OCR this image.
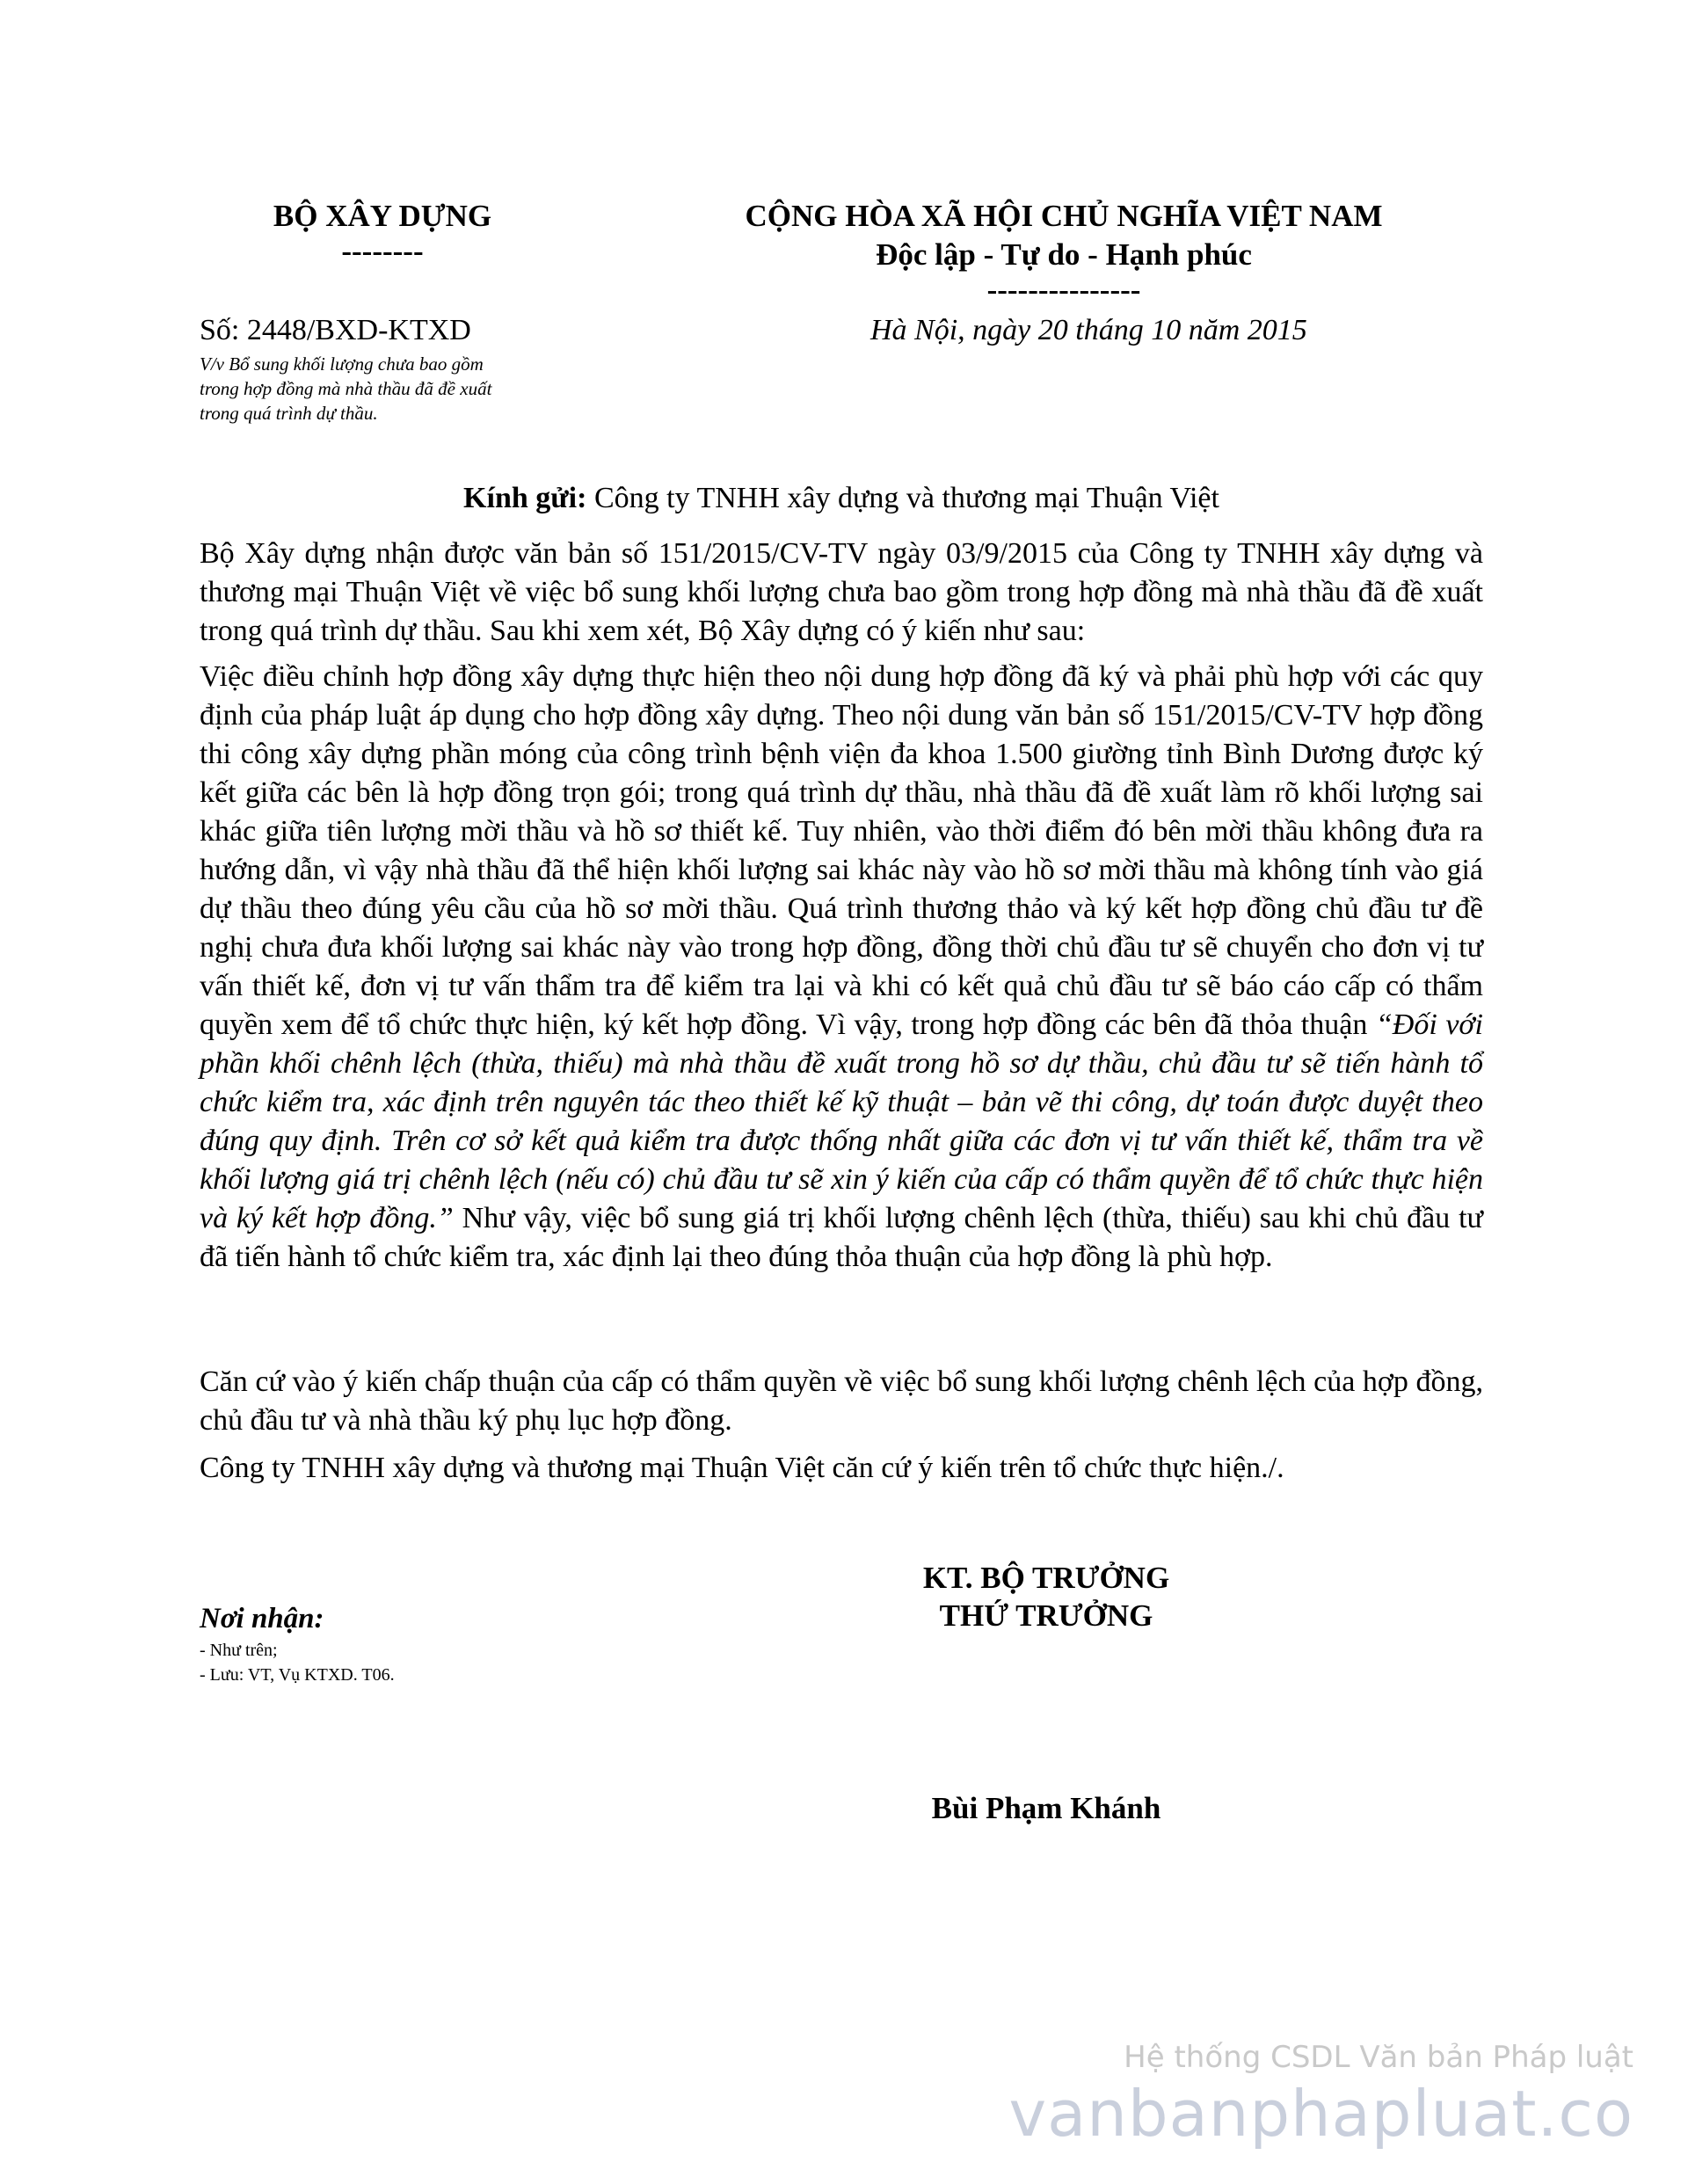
BỘ XÂY DỰNG
--------
CỘNG HÒA XÃ HỘI CHỦ NGHĨA VIỆT NAM
Độc lập - Tự do - Hạnh phúc
---------------
Số: 2448/BXD-KTXD	Hà Nội, ngày 20 tháng 10 năm 2015
V/v Bổ sung khối lượng chưa bao gồm
trong hợp đồng mà nhà thầu đã đề xuất
trong quá trình dự thầu.
Kính gửi: Công ty TNHH xây dựng và thương mại Thuận Việt
Bộ Xây dựng nhận được văn bản số 151/2015/CV-TV ngày 03/9/2015 của Công ty TNHH xây dựng và thương mại Thuận Việt về việc bổ sung khối lượng chưa bao gồm trong hợp đồng mà nhà thầu đã đề xuất trong quá trình dự thầu. Sau khi xem xét, Bộ Xây dựng có ý kiến như sau:
Việc điều chỉnh hợp đồng xây dựng thực hiện theo nội dung hợp đồng đã ký và phải phù hợp với các quy định của pháp luật áp dụng cho hợp đồng xây dựng. Theo nội dung văn bản số 151/2015/CV-TV hợp đồng thi công xây dựng phần móng của công trình bệnh viện đa khoa 1.500 giường tỉnh Bình Dương được ký kết giữa các bên là hợp đồng trọn gói; trong quá trình dự thầu, nhà thầu đã đề xuất làm rõ khối lượng sai khác giữa tiên lượng mời thầu và hồ sơ thiết kế. Tuy nhiên, vào thời điểm đó bên mời thầu không đưa ra hướng dẫn, vì vậy nhà thầu đã thể hiện khối lượng sai khác này vào hồ sơ mời thầu mà không tính vào giá dự thầu theo đúng yêu cầu của hồ sơ mời thầu. Quá trình thương thảo và ký kết hợp đồng chủ đầu tư đề nghị chưa đưa khối lượng sai khác này vào trong hợp đồng, đồng thời chủ đầu tư sẽ chuyển cho đơn vị tư vấn thiết kế, đơn vị tư vấn thẩm tra để kiểm tra lại và khi có kết quả chủ đầu tư sẽ báo cáo cấp có thẩm quyền xem để tổ chức thực hiện, ký kết hợp đồng. Vì vậy, trong hợp đồng các bên đã thỏa thuận “Đối với phần khối chênh lệch (thừa, thiếu) mà nhà thầu đề xuất trong hồ sơ dự thầu, chủ đầu tư sẽ tiến hành tổ chức kiểm tra, xác định trên nguyên tác theo thiết kế kỹ thuật – bản vẽ thi công, dự toán được duyệt theo đúng quy định. Trên cơ sở kết quả kiểm tra được thống nhất giữa các đơn vị tư vấn thiết kế, thẩm tra về khối lượng giá trị chênh lệch (nếu có) chủ đầu tư sẽ xin ý kiến của cấp có thẩm quyền để tổ chức thực hiện và ký kết hợp đồng.” Như vậy, việc bổ sung giá trị khối lượng chênh lệch (thừa, thiếu) sau khi chủ đầu tư đã tiến hành tổ chức kiểm tra, xác định lại theo đúng thỏa thuận của hợp đồng là phù hợp.
Căn cứ vào ý kiến chấp thuận của cấp có thẩm quyền về việc bổ sung khối lượng chênh lệch của hợp đồng, chủ đầu tư và nhà thầu ký phụ lục hợp đồng.
Công ty TNHH xây dựng và thương mại Thuận Việt căn cứ ý kiến trên tổ chức thực hiện./.
KT. BỘ TRƯỞNG
THỨ TRƯỞNG
Bùi Phạm Khánh
Nơi nhận:
- Như trên;
- Lưu: VT, Vụ KTXD. T06.
Hệ thống CSDL Văn bản Pháp luật
vanbanphapluat.co
